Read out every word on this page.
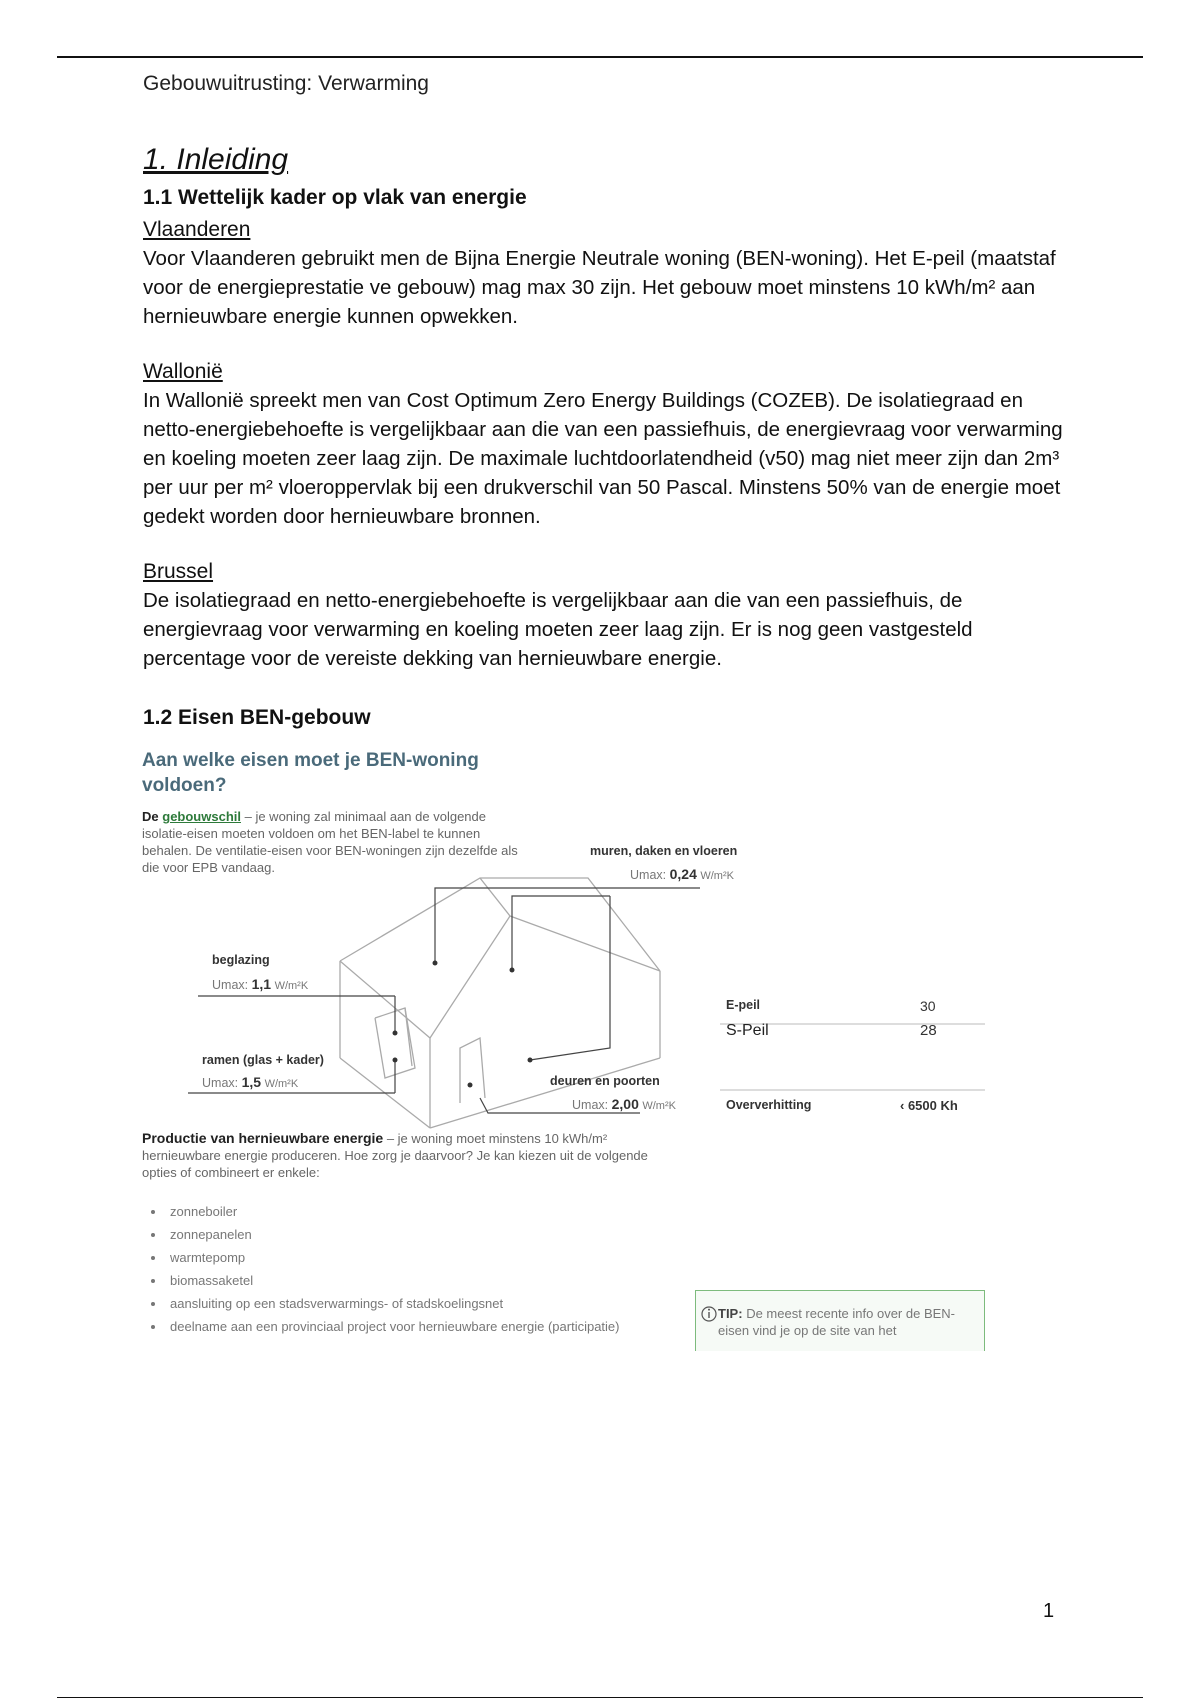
Gebouwuitrusting: Verwarming
1. Inleiding
1.1 Wettelijk kader op vlak van energie
Vlaanderen

Voor Vlaanderen gebruikt men de Bijna Energie Neutrale woning (BEN-woning). Het E-peil (maatstaf voor de energieprestatie ve gebouw) mag max 30 zijn. Het gebouw moet minstens 10 kWh/m² aan hernieuwbare energie kunnen opwekken.

Wallonië

In Wallonië spreekt men van Cost Optimum Zero Energy Buildings (COZEB). De isolatiegraad en netto-energiebehoefte is vergelijkbaar aan die van een passiefhuis, de energievraag voor verwarming en koeling moeten zeer laag zijn. De maximale luchtdoorlatendheid (v50) mag niet meer zijn dan 2m³ per uur per m² vloeroppervlak bij een drukverschil van 50 Pascal. Minstens 50% van de energie moet gedekt worden door hernieuwbare bronnen.

Brussel

De isolatiegraad en netto-energiebehoefte is vergelijkbaar aan die van een passiefhuis, de energievraag voor verwarming en koeling moeten zeer laag zijn. Er is nog geen vastgesteld percentage voor de vereiste dekking van hernieuwbare energie.

1.2 Eisen BEN-gebouw
Aan welke eisen moet je BEN-woning voldoen?
De gebouwschil – je woning zal minimaal aan de volgende isolatie-eisen moeten voldoen om het BEN-label te kunnen behalen. De ventilatie-eisen voor BEN-woningen zijn dezelfde als die voor EPB vandaag.
muren, daken en vloeren
Umax: 0,24 W/m²K
beglazing
Umax: 1,1 W/m²K
ramen (glas + kader)
Umax: 1,5 W/m²K	deuren en poorten
Umax: 2,00 W/m²K
E-peil	30
S-Peil	28
Oververhitting	‹ 6500 Kh
Productie van hernieuwbare energie – je woning moet minstens 10 kWh/m² hernieuwbare energie produceren. Hoe zorg je daarvoor? Je kan kiezen uit de volgende opties of combineert er enkele:
• zonneboiler
• zonnepanelen
• warmtepomp
• biomassaketel
• aansluiting op een stadsverwarmings- of stadskoelingsnet
• deelname aan een provinciaal project voor hernieuwbare energie (participatie)
TIP: De meest recente info over de BEN-eisen vind je op de site van het
1
